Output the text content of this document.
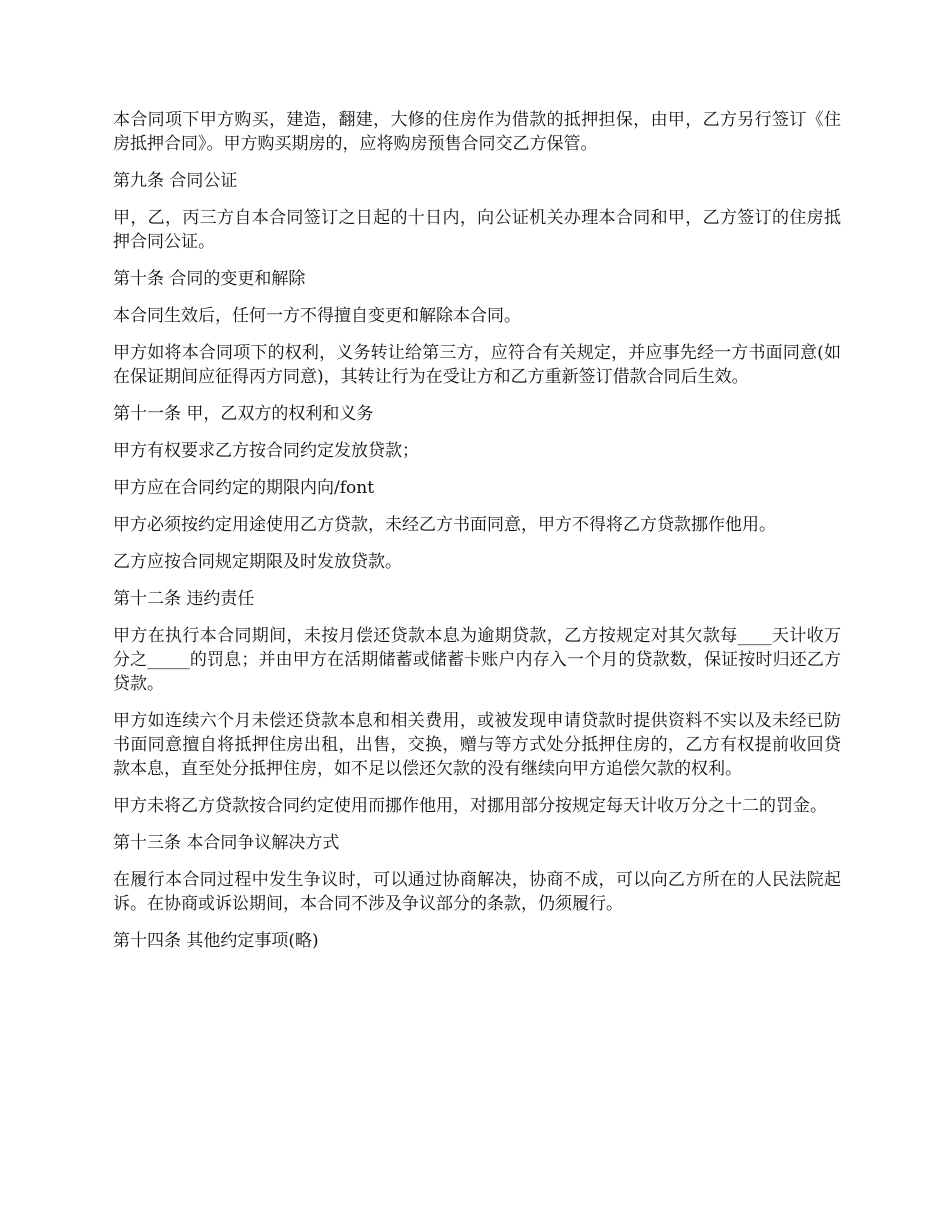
本合同项下甲方购买，建造，翻建，大修的住房作为借款的抵押担保，由甲，乙方另行签订《住房抵押合同》。甲方购买期房的，应将购房预售合同交乙方保管。

第九条 合同公证

甲，乙，丙三方自本合同签订之日起的十日内，向公证机关办理本合同和甲，乙方签订的住房抵押合同公证。

第十条 合同的变更和解除

本合同生效后，任何一方不得擅自变更和解除本合同。

甲方如将本合同项下的权利，义务转让给第三方，应符合有关规定，并应事先经一方书面同意(如在保证期间应征得丙方同意)，其转让行为在受让方和乙方重新签订借款合同后生效。

第十一条 甲，乙双方的权利和义务

甲方有权要求乙方按合同约定发放贷款；

甲方应在合同约定的期限内向/font

甲方必须按约定用途使用乙方贷款，未经乙方书面同意，甲方不得将乙方贷款挪作他用。

乙方应按合同规定期限及时发放贷款。

第十二条 违约责任

甲方在执行本合同期间，未按月偿还贷款本息为逾期贷款，乙方按规定对其欠款每____天计收万分之_____的罚息；并由甲方在活期储蓄或储蓄卡账户内存入一个月的贷款数，保证按时归还乙方贷款。

甲方如连续六个月未偿还贷款本息和相关费用，或被发现申请贷款时提供资料不实以及未经已防书面同意擅自将抵押住房出租，出售，交换，赠与等方式处分抵押住房的，乙方有权提前收回贷款本息，直至处分抵押住房，如不足以偿还欠款的没有继续向甲方追偿欠款的权利。

甲方未将乙方贷款按合同约定使用而挪作他用，对挪用部分按规定每天计收万分之十二的罚金。

第十三条 本合同争议解决方式

在履行本合同过程中发生争议时，可以通过协商解决，协商不成，可以向乙方所在的人民法院起诉。在协商或诉讼期间，本合同不涉及争议部分的条款，仍须履行。

第十四条 其他约定事项(略)
